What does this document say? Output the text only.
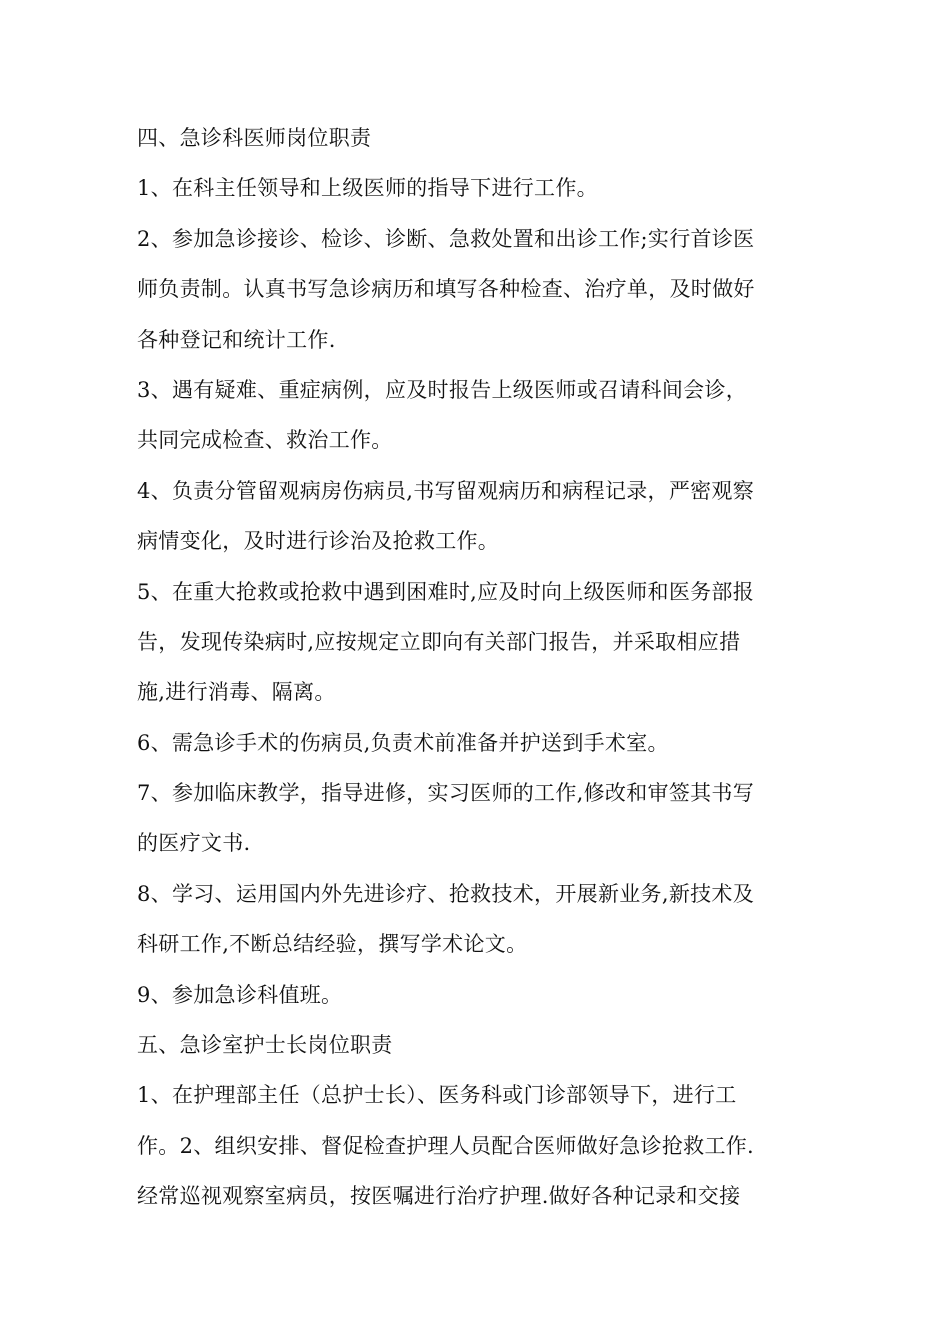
四、急诊科医师岗位职责
1、在科主任领导和上级医师的指导下进行工作。
2、参加急诊接诊、检诊、诊断、急救处置和出诊工作;实行首诊医
师负责制。认真书写急诊病历和填写各种检查、治疗单，及时做好
各种登记和统计工作.
3、遇有疑难、重症病例，应及时报告上级医师或召请科间会诊，
共同完成检查、救治工作。
4、负责分管留观病房伤病员,书写留观病历和病程记录，严密观察
病情变化，及时进行诊治及抢救工作。
5、在重大抢救或抢救中遇到困难时,应及时向上级医师和医务部报
告，发现传染病时,应按规定立即向有关部门报告，并采取相应措
施,进行消毒、隔离。
6、需急诊手术的伤病员,负责术前准备并护送到手术室。
7、参加临床教学，指导进修，实习医师的工作,修改和审签其书写
的医疗文书.
8、学习、运用国内外先进诊疗、抢救技术，开展新业务,新技术及
科研工作,不断总结经验，撰写学术论文。
9、参加急诊科值班。
五、急诊室护士长岗位职责
1、在护理部主任（总护士长）、医务科或门诊部领导下，进行工
作。2、组织安排、督促检查护理人员配合医师做好急诊抢救工作.
经常巡视观察室病员，按医嘱进行治疗护理.做好各种记录和交接
